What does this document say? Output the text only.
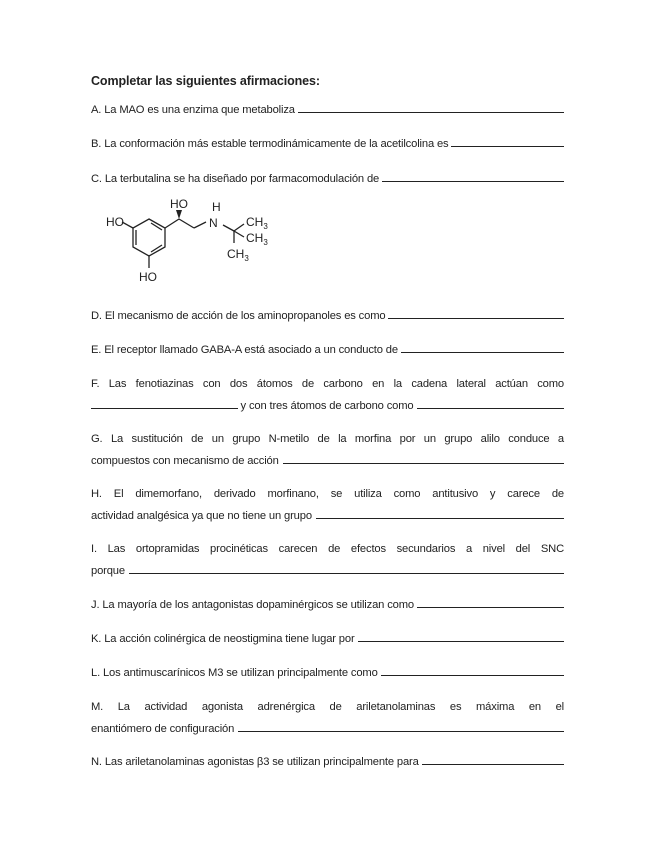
Completar las siguientes afirmaciones:
A. La MAO es una enzima que metaboliza
B. La conformación más estable termodinámicamente de la acetilcolina es
C. La terbutalina se ha diseñado por farmacomodulación de
HO
HO
HO
H
N $CH_3$
$CH_3$
$CH_3$
D. El mecanismo de acción de los aminopropanoles es como
E. El receptor llamado GABA-A está asociado a un conducto de
F. Las fenotiazinas con dos átomos de carbono en la cadena lateral actúan como
y con tres átomos de carbono como
G. La sustitución de un grupo N-metilo de la morfina por un grupo alilo conduce a
compuestos con mecanismo de acción
H. El dimemorfano, derivado morfinano, se utiliza como antitusivo y carece de
actividad analgésica ya que no tiene un grupo
I. Las ortopramidas procinéticas carecen de efectos secundarios a nivel del SNC
porque
J. La mayoría de los antagonistas dopaminérgicos se utilizan como
K. La acción colinérgica de neostigmina tiene lugar por
L. Los antimuscarínicos M3 se utilizan principalmente como
M. La actividad agonista adrenérgica de ariletanolaminas es máxima en el
enantiómero de configuración
N. Las ariletanolaminas agonistas β3 se utilizan principalmente para
